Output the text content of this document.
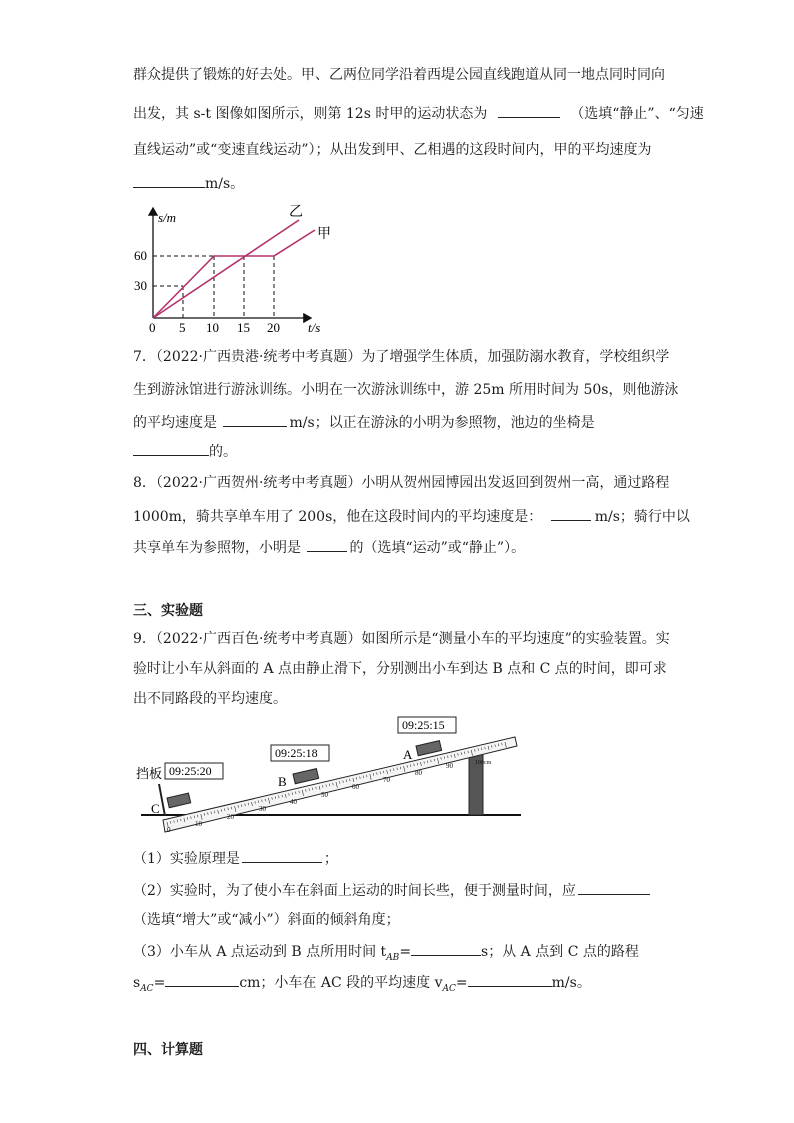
群众提供了锻炼的好去处。甲、乙两位同学沿着西堤公园直线跑道从同一地点同时同向
出发，其 s-t 图像如图所示，则第 12s 时甲的运动状态为	（选填“静止”、“匀速
直线运动”或“变速直线运动”）；从出发到甲、乙相遇的这段时间内，甲的平均速度为
m/s。
s/m
t/s
0
60
30
5 10 15 20
乙
甲
7．（2022·广西贵港·统考中考真题）为了增强学生体质，加强防溺水教育，学校组织学
生到游泳馆进行游泳训练。小明在一次游泳训练中，游 25m 所用时间为 50s，则他游泳
的平均速度是	m/s；以正在游泳的小明为参照物，池边的坐椅是
的。
8．（2022·广西贺州·统考中考真题）小明从贺州园博园出发返回到贺州一高，通过路程
1000m，骑共享单车用了 200s，他在这段时间内的平均速度是：	m/s；骑行中以
共享单车为参照物，小明是	的（选填“运动”或“静止”）。
三、实验题
9．（2022·广西百色·统考中考真题）如图所示是“测量小车的平均速度”的实验装置。实
验时让小车从斜面的 A 点由静止滑下，分别测出小车到达 B 点和 C 点的时间，即可求
出不同路段的平均速度。
0
10
20
30
40
50
60
70
80
90	100cm
挡板
C
B
A
09:25:20
09:25:18
09:25:15
（1）实验原理是	；
（2）实验时，为了使小车在斜面上运动的时间长些，便于测量时间，应
（选填“增大”或“减小”）斜面的倾斜角度；
（3）小车从 A 点运动到 B 点所用时间 $t_{AB}=$	s；从 A 点到 C 点的路程
$s_{AC}=$	cm；小车在 AC 段的平均速度 $v_{AC}=$	m/s。
四、计算题
